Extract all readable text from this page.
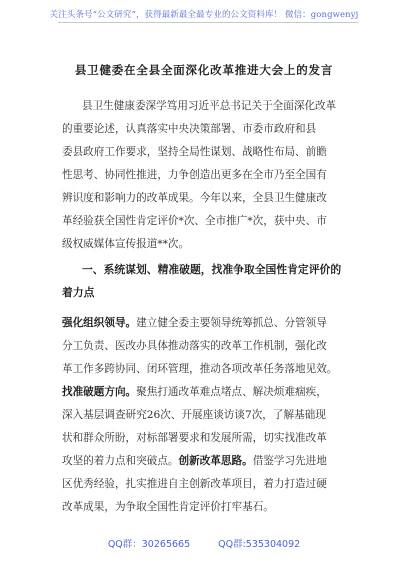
关注头条号“公文研究”，获得最新最全最专业的公文资料库！ 微信：gongwenyj
县卫健委在全县全面深化改革推进大会上的发言
县卫生健康委深学笃用习近平总书记关于全面深化改革
的重要论述，认真落实中央决策部署、市委市政府和县
委县政府工作要求，坚持全局性谋划、战略性布局、前瞻
性思考、协同性推进，力争创造出更多在全市乃至全国有
辨识度和影响力的改革成果。今年以来，全县卫生健康改
革经验获全国性肯定评价*次、全市推广*次，获中央、市
级权威媒体宣传报道**次。
一、系统谋划、精准破题，找准争取全国性肯定评价的
着力点
强化组织领导。建立健全委主要领导统筹抓总、分管领导
分工负责、医改办具体推动落实的改革工作机制，强化改
革工作多跨协同、闭环管理，推动各项改革任务落地见效。
找准破题方向。聚焦打通改革难点堵点、解决烦难痼疾，
深入基层调查研究26次、开展座谈访谈7次，了解基础现
状和群众所盼，对标部署要求和发展所需，切实找准改革
攻坚的着力点和突破点。创新改革思路。借鉴学习先进地
区优秀经验，扎实推进自主创新改革项目，着力打造过硬
改革成果，为争取全国性肯定评价打牢基石。
QQ群：30265665	QQ群:535304092
